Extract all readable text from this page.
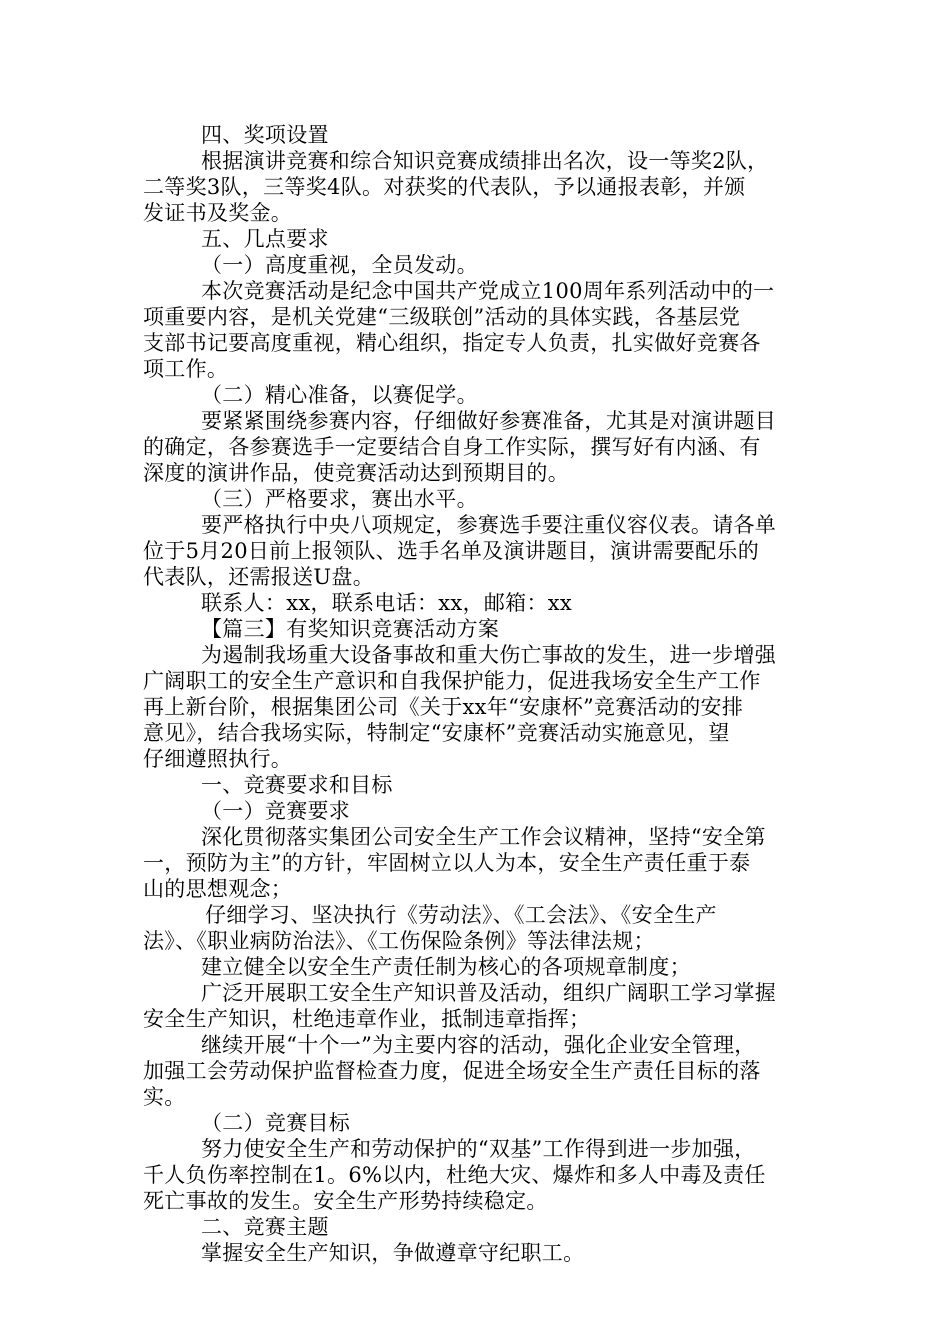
四、奖项设置
根据演讲竞赛和综合知识竞赛成绩排出名次，设一等奖2队，
二等奖3队，三等奖4队。对获奖的代表队，予以通报表彰，并颁
发证书及奖金。
五、几点要求
（一）高度重视，全员发动。
本次竞赛活动是纪念中国共产党成立100周年系列活动中的一
项重要内容，是机关党建“三级联创”活动的具体实践，各基层党
支部书记要高度重视，精心组织，指定专人负责，扎实做好竞赛各
项工作。
（二）精心准备，以赛促学。
要紧紧围绕参赛内容，仔细做好参赛准备，尤其是对演讲题目
的确定，各参赛选手一定要结合自身工作实际，撰写好有内涵、有
深度的演讲作品，使竞赛活动达到预期目的。
（三）严格要求，赛出水平。
要严格执行中央八项规定，参赛选手要注重仪容仪表。请各单
位于5月20日前上报领队、选手名单及演讲题目，演讲需要配乐的
代表队，还需报送U盘。
联系人：xx，联系电话：xx，邮箱：xx
【篇三】有奖知识竞赛活动方案
为遏制我场重大设备事故和重大伤亡事故的发生，进一步增强
广阔职工的安全生产意识和自我保护能力，促进我场安全生产工作
再上新台阶，根据集团公司《关于xx年“安康杯”竞赛活动的安排
意见》，结合我场实际，特制定“安康杯”竞赛活动实施意见，望
仔细遵照执行。
一、竞赛要求和目标
（一）竞赛要求
深化贯彻落实集团公司安全生产工作会议精神，坚持“安全第
一，预防为主”的方针，牢固树立以人为本，安全生产责任重于泰
山的思想观念；
仔细学习、坚决执行《劳动法》、《工会法》、《安全生产
法》、《职业病防治法》、《工伤保险条例》等法律法规；
建立健全以安全生产责任制为核心的各项规章制度；
广泛开展职工安全生产知识普及活动，组织广阔职工学习掌握
安全生产知识，杜绝违章作业，抵制违章指挥；
继续开展“十个一”为主要内容的活动，强化企业安全管理，
加强工会劳动保护监督检查力度，促进全场安全生产责任目标的落
实。
（二）竞赛目标
努力使安全生产和劳动保护的“双基”工作得到进一步加强，
千人负伤率控制在1。6%以内，杜绝大灾、爆炸和多人中毒及责任
死亡事故的发生。安全生产形势持续稳定。
二、竞赛主题
掌握安全生产知识，争做遵章守纪职工。
